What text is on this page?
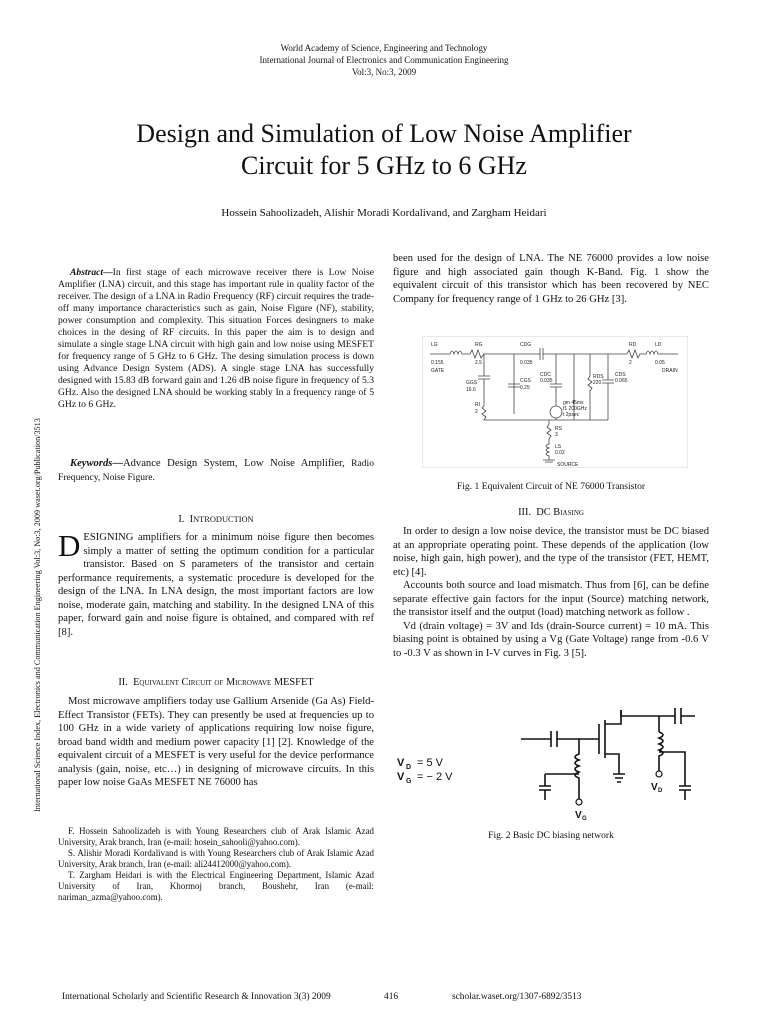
World Academy of Science, Engineering and Technology
International Journal of Electronics and Communication Engineering
Vol:3, No:3, 2009
International Science Index, Electronics and Communication Engineering Vol:3, No:3, 2009 waset.org/Publication/3513
Design and Simulation of Low Noise Amplifier
Circuit for 5 GHz to 6 GHz
Hossein Sahoolizadeh, Alishir Moradi Kordalivand, and Zargham Heidari

Abstract—In first stage of each microwave receiver there is Low Noise Amplifier (LNA) circuit, and this stage has important rule in quality factor of the receiver. The design of a LNA in Radio Frequency (RF) circuit requires the trade-off many importance characteristics such as gain, Noise Figure (NF), stability, power consumption and complexity. This situation Forces desingners to make choices in the desing of RF circuits. In this paper the aim is to design and simulate a single stage LNA circuit with high gain and low noise using MESFET for frequency range of 5 GHz to 6 GHz. The desing simulation process is down using Advance Design System (ADS). A single stage LNA has successfully designed with 15.83 dB forward gain and 1.26 dB noise figure in frequency of 5.3 GHz. Also the designed LNA should be working stably In a frequency range of 5 GHz to 6 GHz.

Keywords—Advance Design System, Low Noise Amplifier, Radio Frequency, Noise Figure.

I. INTRODUCTION

DESIGNING amplifiers for a minimum noise figure then becomes simply a matter of setting the optimum condition for a particular transistor. Based on S parameters of the transistor and certain performance requirements, a systematic procedure is developed for the design of the LNA. In LNA design, the most important factors are low noise, moderate gain, matching and stability. In the designed LNA of this paper, forward gain and noise figure is obtained, and compared with ref [8].

II. Equivalent Circuit of Microwave MESFET

Most microwave amplifiers today use Gallium Arsenide (Ga As) Field-Effect Transistor (FETs). They can presently be used at frequencies up to 100 GHz in a wide variety of applications requiring low noise figure, broad band width and medium power capacity [1] [2]. Knowledge of the equivalent circuit of a MESFET is very useful for the device performance analysis (gain, noise, etc…) in designing of microwave circuits. In this paper low noise GaAs MESFET NE 76000 has

F. Hossein Sahoolizadeh is with Young Researchers club of Arak Islamic Azad University, Arak branch, Iran (e-mail: hosein_sahooli@yahoo.com).

S. Alishir Moradi Kordalivand is with Young Researchers club of Arak Islamic Azad University, Arak branch, Iran (e-mail: ali24412000@yahoo.com).

T. Zargham Heidari is with the Electrical Engineering Department, Islamic Azad University of Iran, Khormoj branch, Boushehr, Iran (e-mail: nariman_azma@yahoo.com).

been used for the design of LNA. The NE 76000 provides a low noise figure and high associated gain though K-Band. Fig. 1 show the equivalent circuit of this transistor which has been recovered by NEC Company for frequency range of 1 GHz to 26 GHz [3].

LG
0.155
GATE
RG
2.5
CDG
0.035
GGS
16.6
CGS
0.25
CDC
0.035
RI
2
gm 45ms
f1 200GHz
t 2psec
RDS
220
CDS
0.065
RD
2
LD
0.05
DRAIN
RS
3
LS
0.02
SOURCE
Fig. 1 Equivalent Circuit of NE 76000 Transistor
III. DC Biasing

In order to design a low noise device, the transistor must be DC biased at an appropriate operating point. These depends of the application (low noise, high gain, high power), and the type of the transistor (FET, HEMT, etc) [4].

Accounts both source and load mismatch. Thus from [6], can be define separate effective gain factors for the input (Source) matching network, the transistor itself and the output (load) matching network as follow .

Vd (drain voltage) = 3V and Ids (drain-Source current) = 10 mA. This biasing point is obtained by using a Vg (Gate Voltage) range from -0.6 V to -0.3 V as shown in I-V curves in Fig. 3 [5].

V D = 5 V
V G = − 2 V
V G
V D
Fig. 2 Basic DC biasing network
International Scholarly and Scientific Research & Innovation 3(3) 2009	416	scholar.waset.org/1307-6892/3513
